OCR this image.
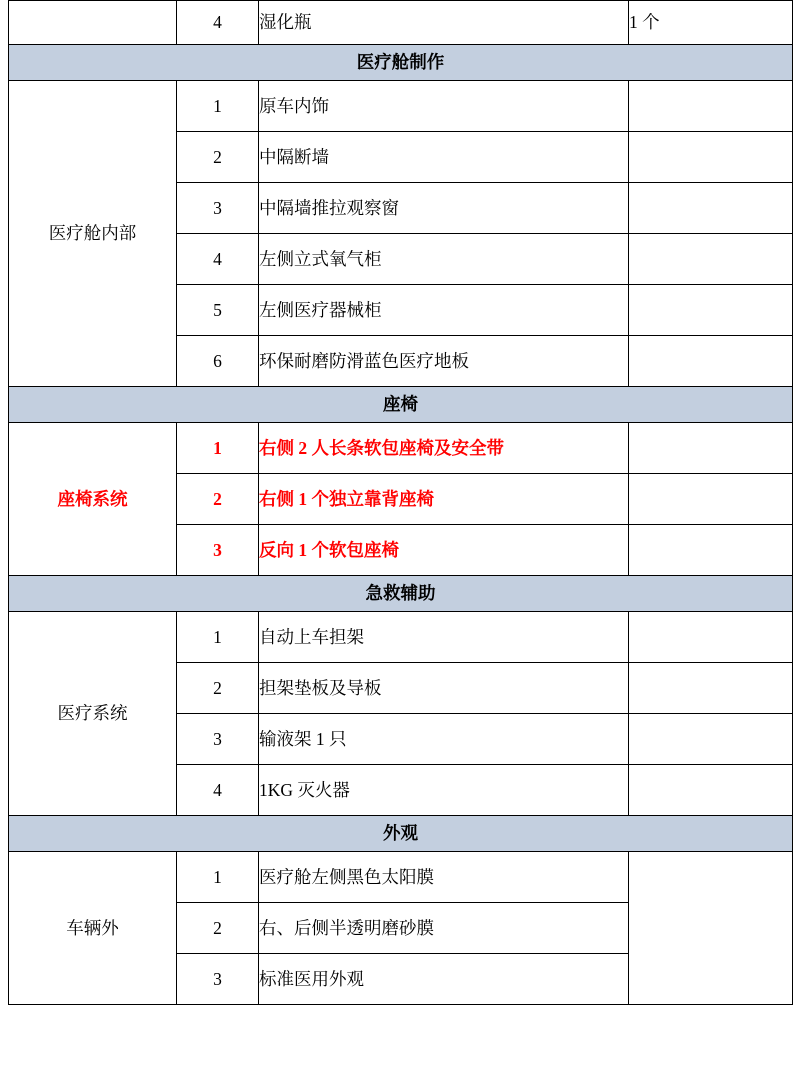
	4	湿化瓶	1 个
医疗舱制作			
医疗舱内部	1	原车内饰	
	2	中隔断墙	
	3	中隔墙推拉观察窗	
	4	左侧立式氧气柜	
	5	左侧医疗器械柜	
	6	环保耐磨防滑蓝色医疗地板	
座椅			
座椅系统	1	右侧 2 人长条软包座椅及安全带	
	2	右侧 1 个独立靠背座椅	
	3	反向 1 个软包座椅	
急救辅助			
医疗系统	1	自动上车担架	
	2	担架垫板及导板	
	3	输液架 1 只	
	4	1KG 灭火器	
外观			
车辆外	1	医疗舱左侧黑色太阳膜	
	2	右、后侧半透明磨砂膜	
	3	标准医用外观	
